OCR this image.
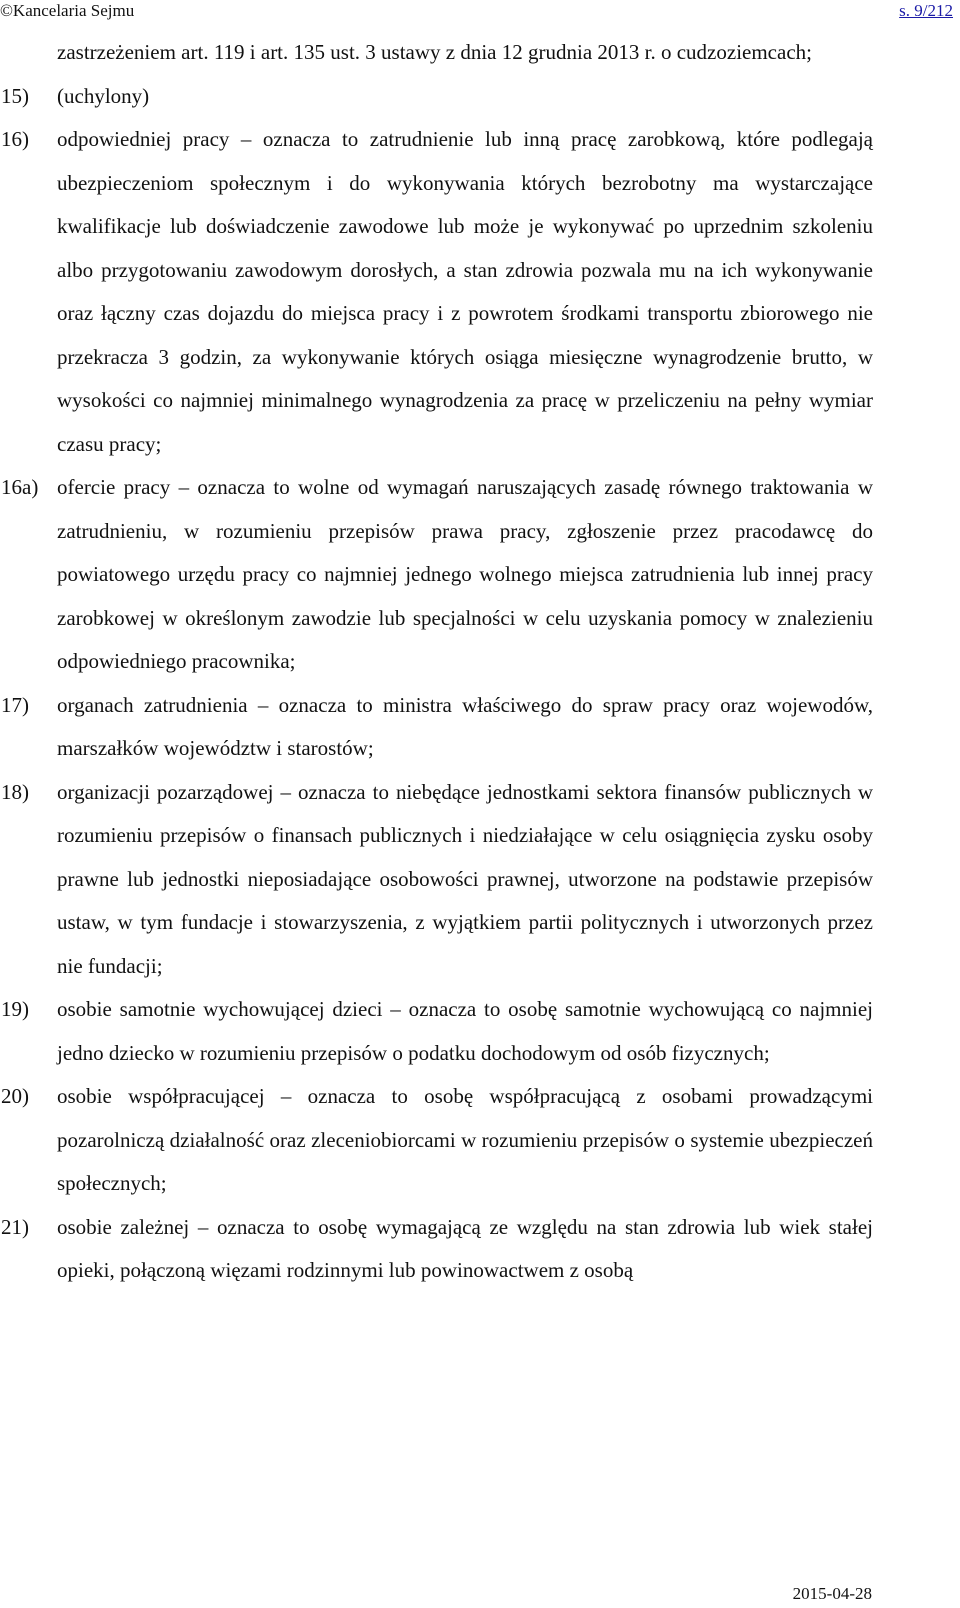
©Kancelaria Sejmu	s. 9/212
zastrzeżeniem art. 119 i art. 135 ust. 3 ustawy z dnia 12 grudnia 2013 r. o cudzoziemcach;
15) (uchylony)
16) odpowiedniej pracy – oznacza to zatrudnienie lub inną pracę zarobkową, które podlegają ubezpieczeniom społecznym i do wykonywania których bezrobotny ma wystarczające kwalifikacje lub doświadczenie zawodowe lub może je wykonywać po uprzednim szkoleniu albo przygotowaniu zawodowym dorosłych, a stan zdrowia pozwala mu na ich wykonywanie oraz łączny czas dojazdu do miejsca pracy i z powrotem środkami transportu zbiorowego nie przekracza 3 godzin, za wykonywanie których osiąga miesięczne wynagrodzenie brutto, w wysokości co najmniej minimalnego wynagrodzenia za pracę w przeliczeniu na pełny wymiar czasu pracy;
16a) ofercie pracy – oznacza to wolne od wymagań naruszających zasadę równego traktowania w zatrudnieniu, w rozumieniu przepisów prawa pracy, zgłoszenie przez pracodawcę do powiatowego urzędu pracy co najmniej jednego wolnego miejsca zatrudnienia lub innej pracy zarobkowej w określonym zawodzie lub specjalności w celu uzyskania pomocy w znalezieniu odpowiedniego pracownika;
17) organach zatrudnienia – oznacza to ministra właściwego do spraw pracy oraz wojewodów, marszałków województw i starostów;
18) organizacji pozarządowej – oznacza to niebędące jednostkami sektora finansów publicznych w rozumieniu przepisów o finansach publicznych i niedziałające w celu osiągnięcia zysku osoby prawne lub jednostki nieposiadające osobowości prawnej, utworzone na podstawie przepisów ustaw, w tym fundacje i stowarzyszenia, z wyjątkiem partii politycznych i utworzonych przez nie fundacji;
19) osobie samotnie wychowującej dzieci – oznacza to osobę samotnie wychowującą co najmniej jedno dziecko w rozumieniu przepisów o podatku dochodowym od osób fizycznych;
20) osobie współpracującej – oznacza to osobę współpracującą z osobami prowadzącymi pozarolniczą działalność oraz zleceniobiorcami w rozumieniu przepisów o systemie ubezpieczeń społecznych;
21) osobie zależnej – oznacza to osobę wymagającą ze względu na stan zdrowia lub wiek stałej opieki, połączoną więzami rodzinnymi lub powinowactwem z osobą
2015-04-28
